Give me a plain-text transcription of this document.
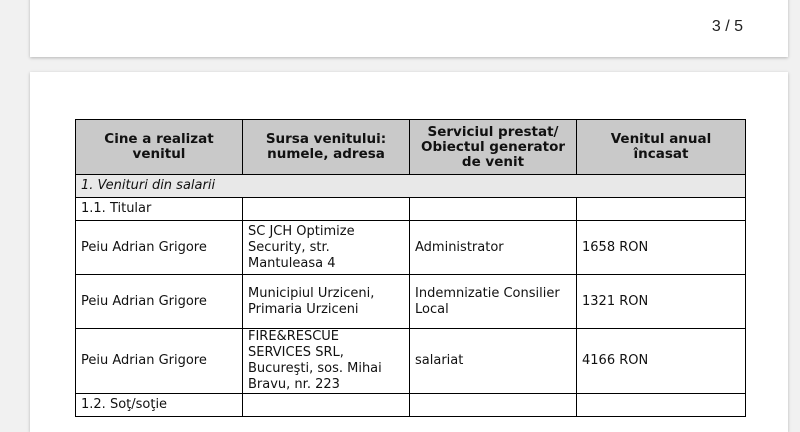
3 / 5
Cine a realizat venitul	Sursa venitului: numele, adresa	Serviciul prestat/ Obiectul generator de venit	Venitul anual încasat
1. Venituri din salarii			
1.1. Titular			
Peiu Adrian Grigore	SC JCH Optimize Security, str. Mantuleasa 4	Administrator	1658 RON
Peiu Adrian Grigore	Municipiul Urziceni, Primaria Urziceni	Indemnizatie Consilier Local	1321 RON
Peiu Adrian Grigore	FIRE&RESCUE SERVICES SRL, Bucureşti, sos. Mihai Bravu, nr. 223	salariat	4166 RON
1.2. Soţ/soţie			
